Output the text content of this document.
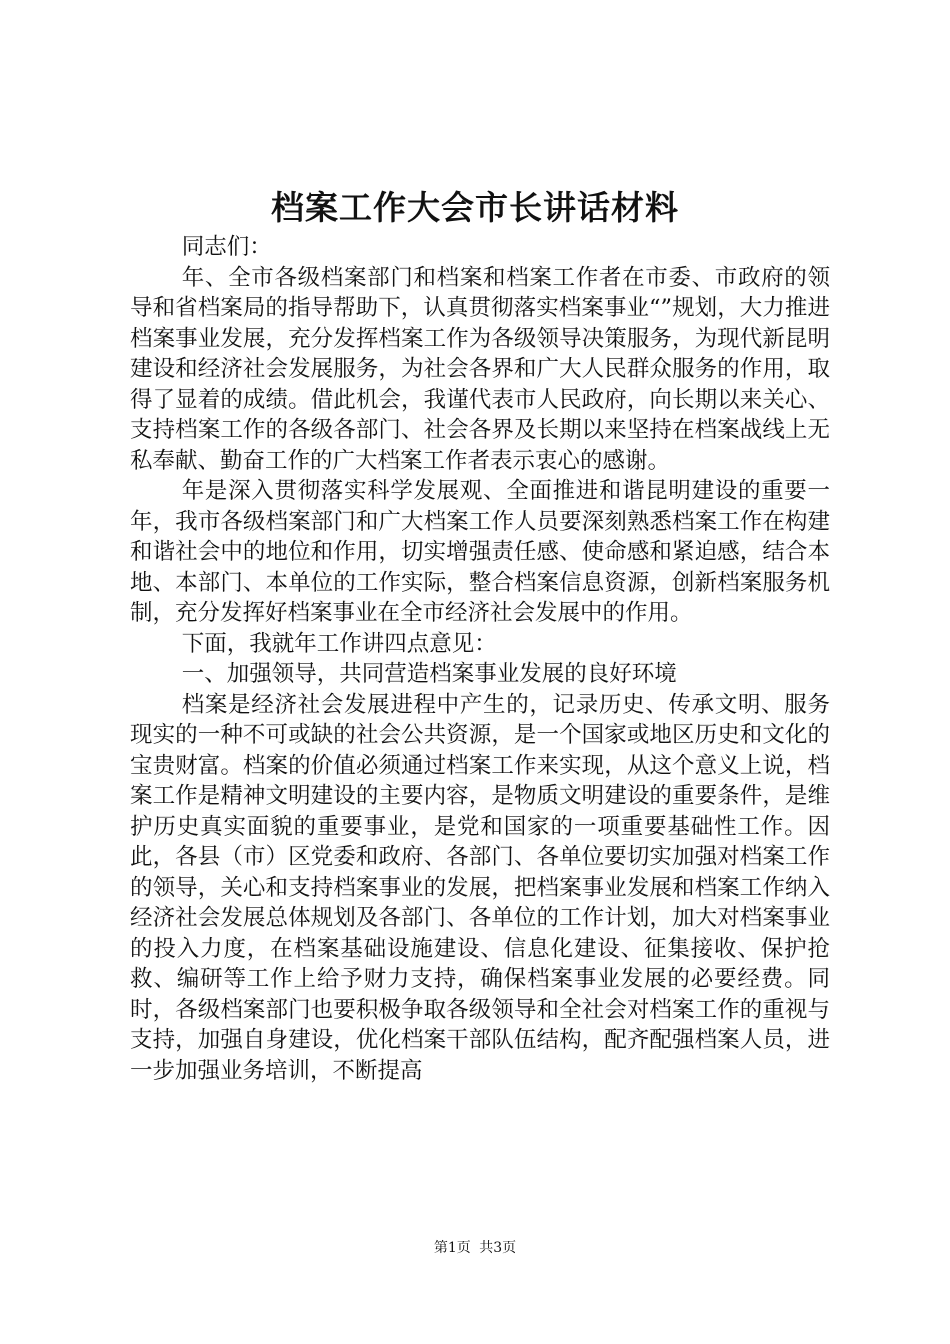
档案工作大会市长讲话材料

同志们：

年、全市各级档案部门和档案和档案工作者在市委、市政府的领导和省档案局的指导帮助下，认真贯彻落实档案事业“”规划，大力推进档案事业发展，充分发挥档案工作为各级领导决策服务，为现代新昆明建设和经济社会发展服务，为社会各界和广大人民群众服务的作用，取得了显着的成绩。借此机会，我谨代表市人民政府，向长期以来关心、支持档案工作的各级各部门、社会各界及长期以来坚持在档案战线上无私奉献、勤奋工作的广大档案工作者表示衷心的感谢。

年是深入贯彻落实科学发展观、全面推进和谐昆明建设的重要一年，我市各级档案部门和广大档案工作人员要深刻熟悉档案工作在构建和谐社会中的地位和作用，切实增强责任感、使命感和紧迫感，结合本地、本部门、本单位的工作实际，整合档案信息资源，创新档案服务机制，充分发挥好档案事业在全市经济社会发展中的作用。

下面，我就年工作讲四点意见：

一、加强领导，共同营造档案事业发展的良好环境

档案是经济社会发展进程中产生的，记录历史、传承文明、服务现实的一种不可或缺的社会公共资源，是一个国家或地区历史和文化的宝贵财富。档案的价值必须通过档案工作来实现，从这个意义上说，档案工作是精神文明建设的主要内容，是物质文明建设的重要条件，是维护历史真实面貌的重要事业，是党和国家的一项重要基础性工作。因此，各县（市）区党委和政府、各部门、各单位要切实加强对档案工作的领导，关心和支持档案事业的发展，把档案事业发展和档案工作纳入经济社会发展总体规划及各部门、各单位的工作计划，加大对档案事业的投入力度，在档案基础设施建设、信息化建设、征集接收、保护抢救、编研等工作上给予财力支持，确保档案事业发展的必要经费。同时，各级档案部门也要积极争取各级领导和全社会对档案工作的重视与支持，加强自身建设，优化档案干部队伍结构，配齐配强档案人员，进一步加强业务培训，不断提高

第1页 共3页
